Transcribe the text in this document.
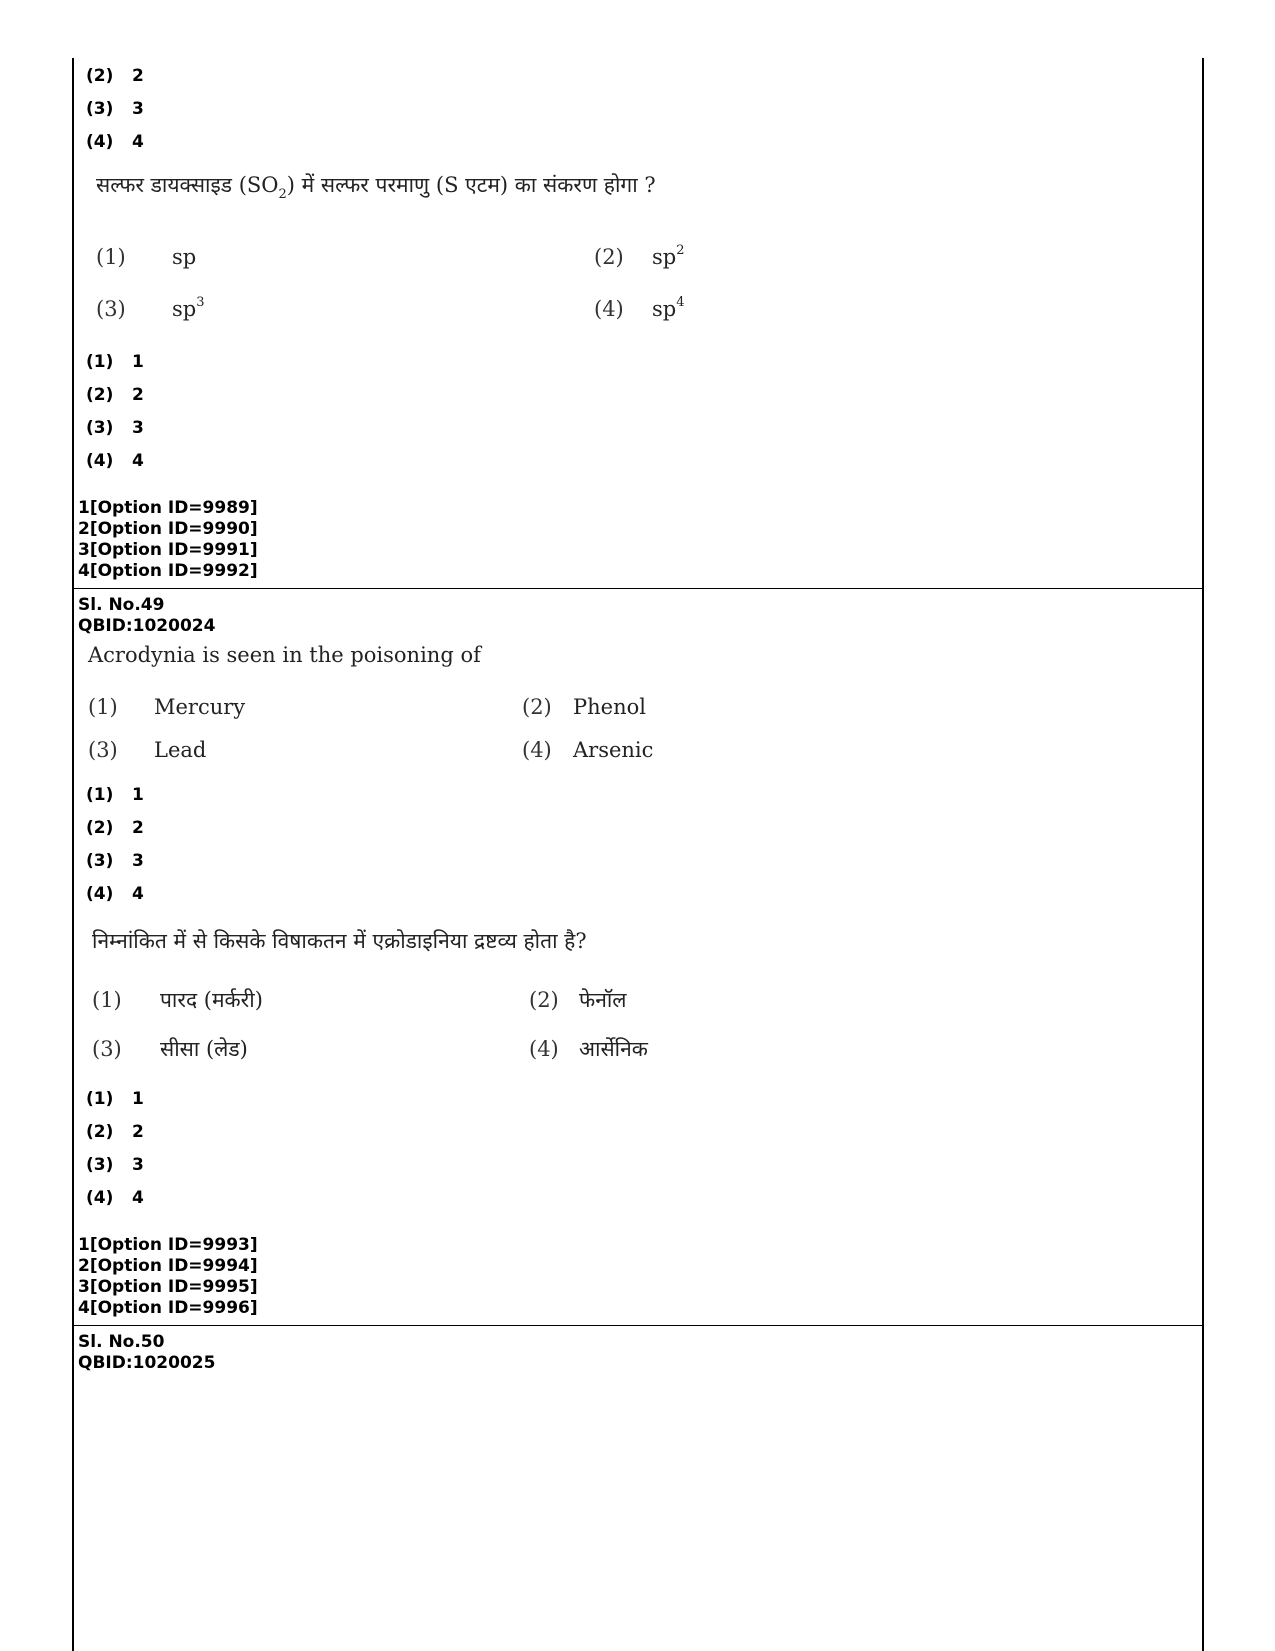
(2) 2
(3) 3
(4) 4
सल्फर डायक्साइड $(SO_2)$ में सल्फर परमाणु (S एटम) का संकरण होगा ?
(1) sp	(2) $sp^2$
(3) $sp^3$	(4) $sp^4$
(1) 1
(2) 2
(3) 3
(4) 4
1[Option ID=9989]
2[Option ID=9990]
3[Option ID=9991]
4[Option ID=9992]
Sl. No.49
QBID:1020024
Acrodynia is seen in the poisoning of
(1) Mercury	(2) Phenol
(3) Lead	(4) Arsenic
(1) 1
(2) 2
(3) 3
(4) 4
निम्नांकित में से किसके विषाकतन में एक्रोडाइनिया द्रष्टव्य होता है?
(1) पारद (मर्करी)	(2) फेनॉल
(3) सीसा (लेड)	(4) आर्सेनिक
(1) 1
(2) 2
(3) 3
(4) 4
1[Option ID=9993]
2[Option ID=9994]
3[Option ID=9995]
4[Option ID=9996]
Sl. No.50
QBID:1020025
